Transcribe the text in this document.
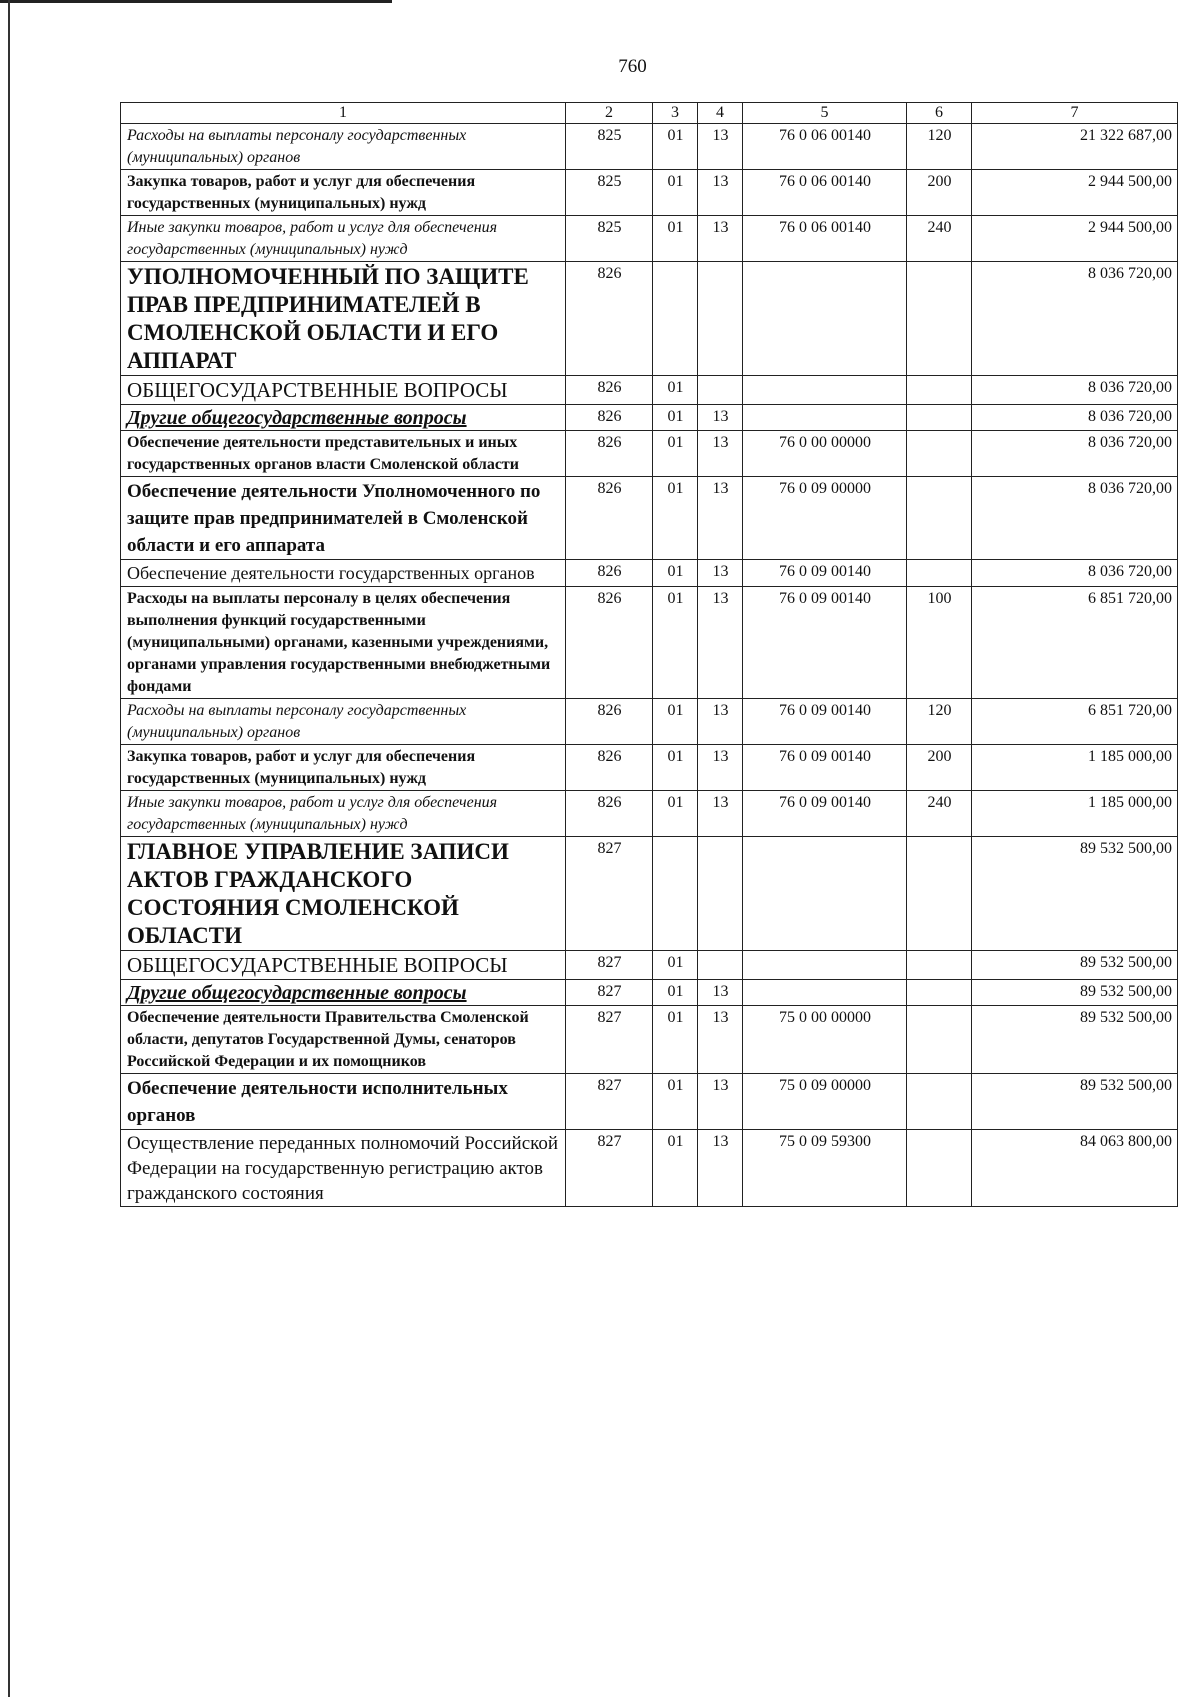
760
1	2	3	4	5	6	7
Расходы на выплаты персоналу государственных (муниципальных) органов	825	01	13	76 0 06 00140	120	21 322 687,00
Закупка товаров, работ и услуг для обеспечения государственных (муниципальных) нужд	825	01	13	76 0 06 00140	200	2 944 500,00
Иные закупки товаров, работ и услуг для обеспечения государственных (муниципальных) нужд	825	01	13	76 0 06 00140	240	2 944 500,00
УПОЛНОМОЧЕННЫЙ ПО ЗАЩИТЕ ПРАВ ПРЕДПРИНИМАТЕЛЕЙ В СМОЛЕНСКОЙ ОБЛАСТИ И ЕГО АППАРАТ	826					8 036 720,00
ОБЩЕГОСУДАРСТВЕННЫЕ ВОПРОСЫ	826	01				8 036 720,00
Другие общегосударственные вопросы	826	01	13			8 036 720,00
Обеспечение деятельности представительных и иных государственных органов власти Смоленской области	826	01	13	76 0 00 00000		8 036 720,00
Обеспечение деятельности Уполномоченного по защите прав предпринимателей в Смоленской области и его аппарата	826	01	13	76 0 09 00000		8 036 720,00
Обеспечение деятельности государственных органов	826	01	13	76 0 09 00140		8 036 720,00
Расходы на выплаты персоналу в целях обеспечения выполнения функций государственными (муниципальными) органами, казенными учреждениями, органами управления государственными внебюджетными фондами	826	01	13	76 0 09 00140	100	6 851 720,00
Расходы на выплаты персоналу государственных (муниципальных) органов	826	01	13	76 0 09 00140	120	6 851 720,00
Закупка товаров, работ и услуг для обеспечения государственных (муниципальных) нужд	826	01	13	76 0 09 00140	200	1 185 000,00
Иные закупки товаров, работ и услуг для обеспечения государственных (муниципальных) нужд	826	01	13	76 0 09 00140	240	1 185 000,00
ГЛАВНОЕ УПРАВЛЕНИЕ ЗАПИСИ АКТОВ ГРАЖДАНСКОГО СОСТОЯНИЯ СМОЛЕНСКОЙ ОБЛАСТИ	827					89 532 500,00
ОБЩЕГОСУДАРСТВЕННЫЕ ВОПРОСЫ	827	01				89 532 500,00
Другие общегосударственные вопросы	827	01	13			89 532 500,00
Обеспечение деятельности Правительства Смоленской области, депутатов Государственной Думы, сенаторов Российской Федерации и их помощников	827	01	13	75 0 00 00000		89 532 500,00
Обеспечение деятельности исполнительных органов	827	01	13	75 0 09 00000		89 532 500,00
Осуществление переданных полномочий Российской Федерации на государственную регистрацию актов гражданского состояния	827	01	13	75 0 09 59300		84 063 800,00
